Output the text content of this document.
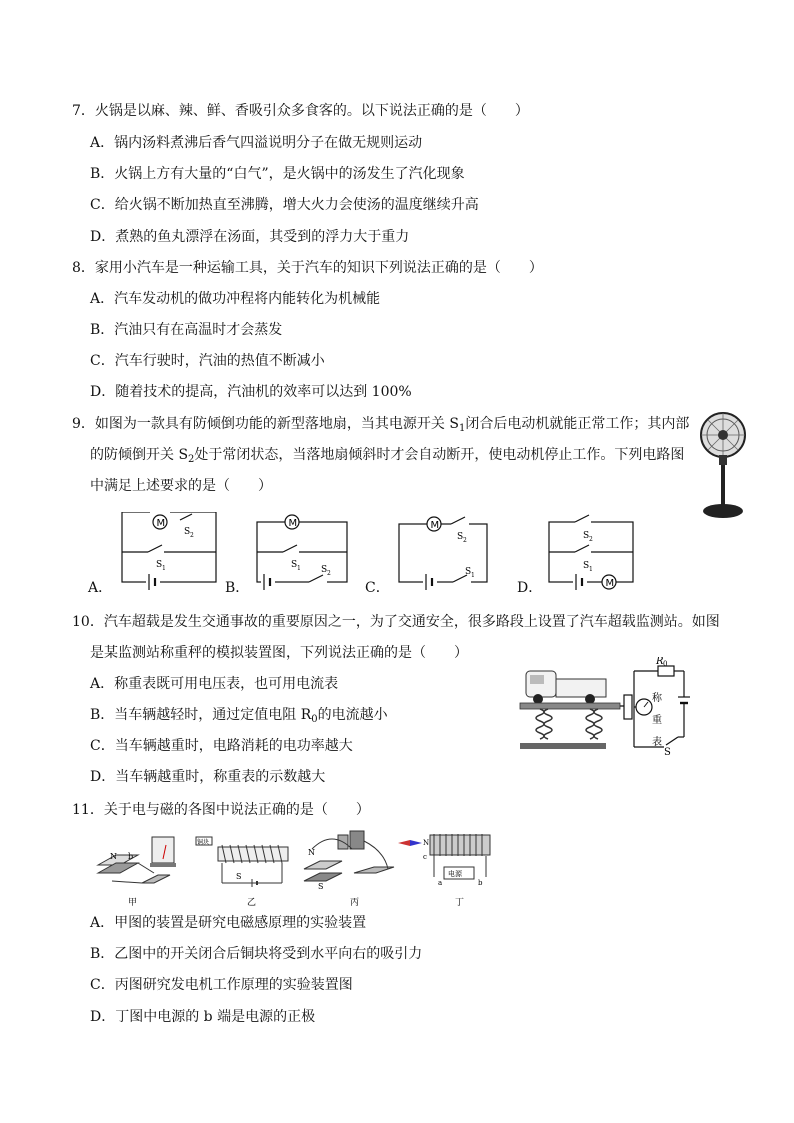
7．火锅是以麻、辣、鲜、香吸引众多食客的。以下说法正确的是（　　）
A．锅内汤料煮沸后香气四溢说明分子在做无规则运动
B．火锅上方有大量的“白气”，是火锅中的汤发生了汽化现象
C．给火锅不断加热直至沸腾，增大火力会使汤的温度继续升高
D．煮熟的鱼丸漂浮在汤面，其受到的浮力大于重力
8．家用小汽车是一种运输工具，关于汽车的知识下列说法正确的是（　　）
A．汽车发动机的做功冲程将内能转化为机械能
B．汽油只有在高温时才会蒸发
C．汽车行驶时，汽油的热值不断减小
D．随着技术的提高，汽油机的效率可以达到 100%
9．如图为一款具有防倾倒功能的新型落地扇，当其电源开关 $S_1$闭合后电动机就能正常工作；其内部
的防倾倒开关 $S_2$处于常闭状态，当落地扇倾斜时才会自动断开，使电动机停止工作。下列电路图
中满足上述要求的是（　　）
M
S 2
S 1
A．
M
S 1 S 2
B．
M
S 2
S 1
C．
S 2
S 1
M
D．
10．汽车超载是发生交通事故的重要原因之一，为了交通安全，很多路段上设置了汽车超载监测站。如图
是某监测站称重秤的模拟装置图，下列说法正确的是（　　）
A．称重表既可用电压表，也可用电流表
B．当车辆越轻时，通过定值电阻 $R_0$的电流越小
C．当车辆越重时，电路消耗的电功率越大
D．当车辆越重时，称重表的示数越大
R 0
S
称
重
表
11．关于电与磁的各图中说法正确的是（　　）
N b
甲
铜块
S
乙
N
S
丙
N
c
电源
a	b
丁
A．甲图的装置是研究电磁感原理的实验装置
B．乙图中的开关闭合后铜块将受到水平向右的吸引力
C．丙图研究发电机工作原理的实验装置图
D．丁图中电源的 b 端是电源的正极
